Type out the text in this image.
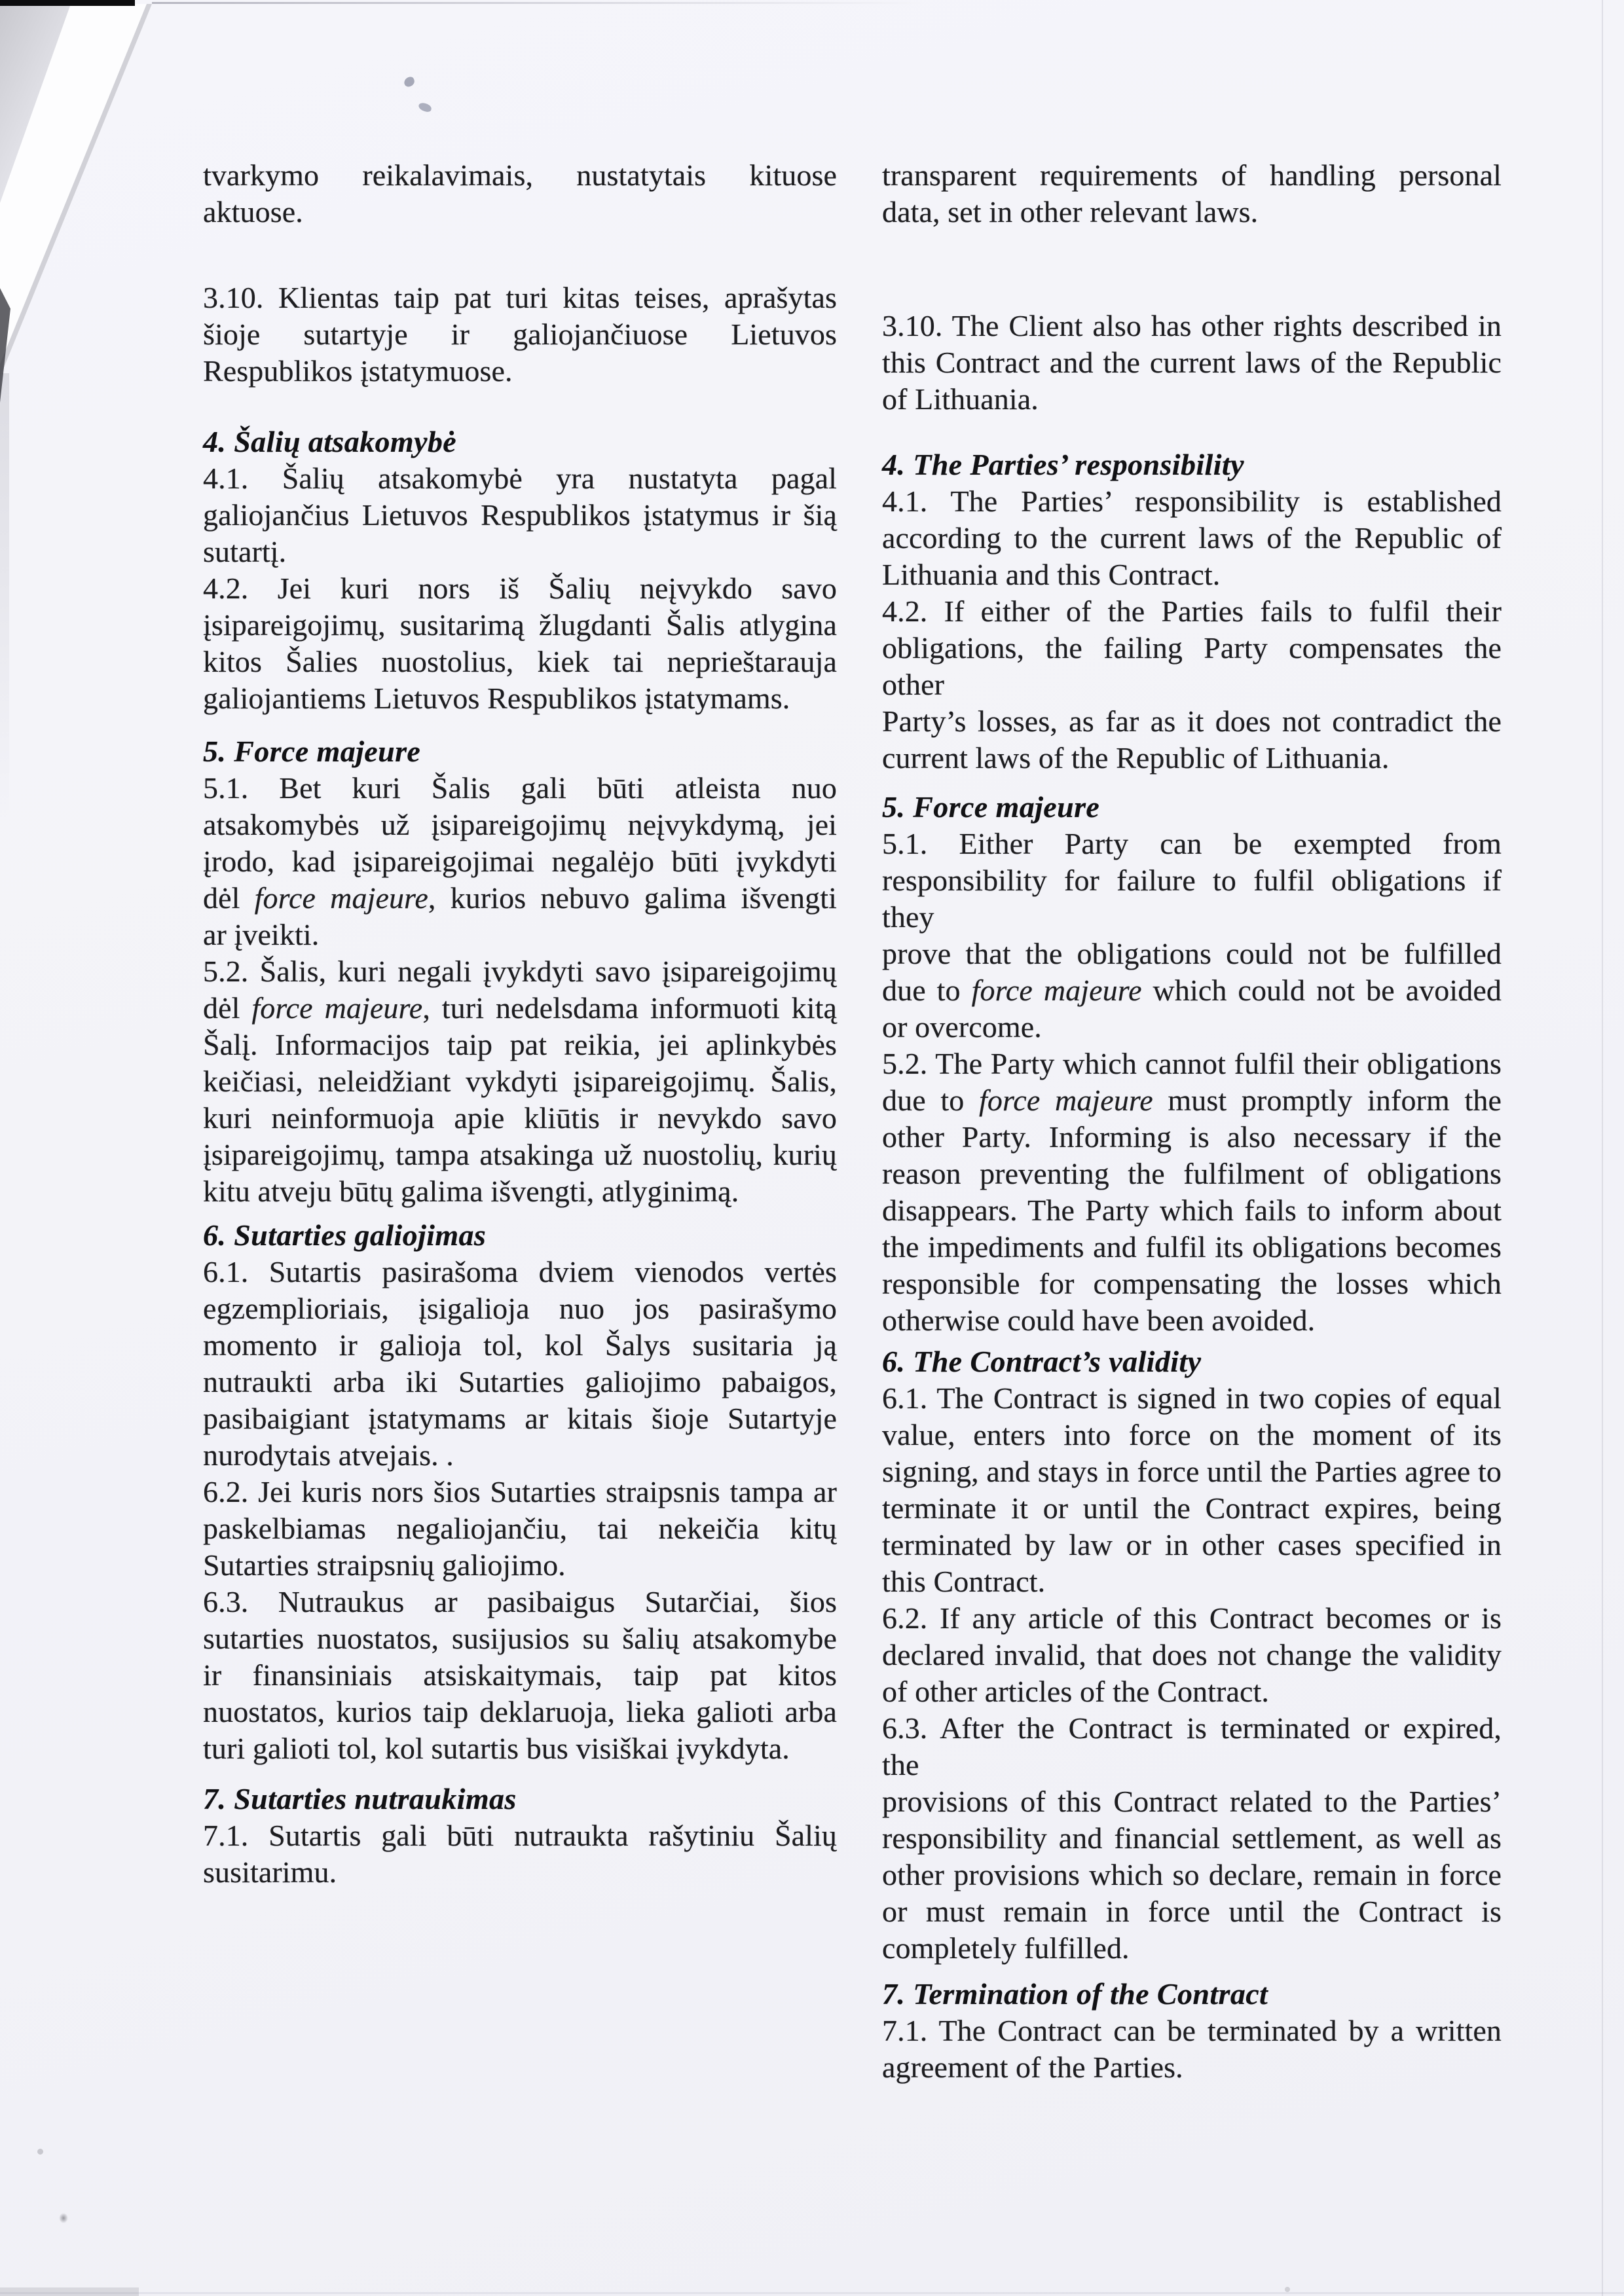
tvarkymo reikalavimais, nustatytais kituose
aktuose.
3.10. Klientas taip pat turi kitas teises, aprašytas
šioje sutartyje ir galiojančiuose Lietuvos
Respublikos įstatymuose.
4. Šalių atsakomybė
4.1. Šalių atsakomybė yra nustatyta pagal
galiojančius Lietuvos Respublikos įstatymus ir šią
sutartį.
4.2. Jei kuri nors iš Šalių neįvykdo savo
įsipareigojimų, susitarimą žlugdanti Šalis atlygina
kitos Šalies nuostolius, kiek tai neprieštarauja
galiojantiems Lietuvos Respublikos įstatymams.
5. Force majeure
5.1. Bet kuri Šalis gali būti atleista nuo
atsakomybės už įsipareigojimų neįvykdymą, jei
įrodo, kad įsipareigojimai negalėjo būti įvykdyti
dėl force majeure, kurios nebuvo galima išvengti
ar įveikti.
5.2. Šalis, kuri negali įvykdyti savo įsipareigojimų
dėl force majeure, turi nedelsdama informuoti kitą
Šalį. Informacijos taip pat reikia, jei aplinkybės
keičiasi, neleidžiant vykdyti įsipareigojimų. Šalis,
kuri neinformuoja apie kliūtis ir nevykdo savo
įsipareigojimų, tampa atsakinga už nuostolių, kurių
kitu atveju būtų galima išvengti, atlyginimą.
6. Sutarties galiojimas
6.1. Sutartis pasirašoma dviem vienodos vertės
egzemplioriais, įsigalioja nuo jos pasirašymo
momento ir galioja tol, kol Šalys susitaria ją
nutraukti arba iki Sutarties galiojimo pabaigos,
pasibaigiant įstatymams ar kitais šioje Sutartyje
nurodytais atvejais. .
6.2. Jei kuris nors šios Sutarties straipsnis tampa ar
paskelbiamas negaliojančiu, tai nekeičia kitų
Sutarties straipsnių galiojimo.
6.3. Nutraukus ar pasibaigus Sutarčiai, šios
sutarties nuostatos, susijusios su šalių atsakomybe
ir finansiniais atsiskaitymais, taip pat kitos
nuostatos, kurios taip deklaruoja, lieka galioti arba
turi galioti tol, kol sutartis bus visiškai įvykdyta.
7. Sutarties nutraukimas
7.1. Sutartis gali būti nutraukta rašytiniu Šalių
susitarimu.
transparent requirements of handling personal
data, set in other relevant laws.
3.10. The Client also has other rights described in
this Contract and the current laws of the Republic
of Lithuania.
4. The Parties’ responsibility
4.1. The Parties’ responsibility is established
according to the current laws of the Republic of
Lithuania and this Contract.
4.2. If either of the Parties fails to fulfil their
obligations, the failing Party compensates the other
Party’s losses, as far as it does not contradict the
current laws of the Republic of Lithuania.
5. Force majeure
5.1. Either Party can be exempted from
responsibility for failure to fulfil obligations if they
prove that the obligations could not be fulfilled
due to force majeure which could not be avoided
or overcome.
5.2. The Party which cannot fulfil their obligations
due to force majeure must promptly inform the
other Party. Informing is also necessary if the
reason preventing the fulfilment of obligations
disappears. The Party which fails to inform about
the impediments and fulfil its obligations becomes
responsible for compensating the losses which
otherwise could have been avoided.
6. The Contract’s validity
6.1. The Contract is signed in two copies of equal
value, enters into force on the moment of its
signing, and stays in force until the Parties agree to
terminate it or until the Contract expires, being
terminated by law or in other cases specified in
this Contract.
6.2. If any article of this Contract becomes or is
declared invalid, that does not change the validity
of other articles of the Contract.
6.3. After the Contract is terminated or expired, the
provisions of this Contract related to the Parties’
responsibility and financial settlement, as well as
other provisions which so declare, remain in force
or must remain in force until the Contract is
completely fulfilled.
7. Termination of the Contract
7.1. The Contract can be terminated by a written
agreement of the Parties.
